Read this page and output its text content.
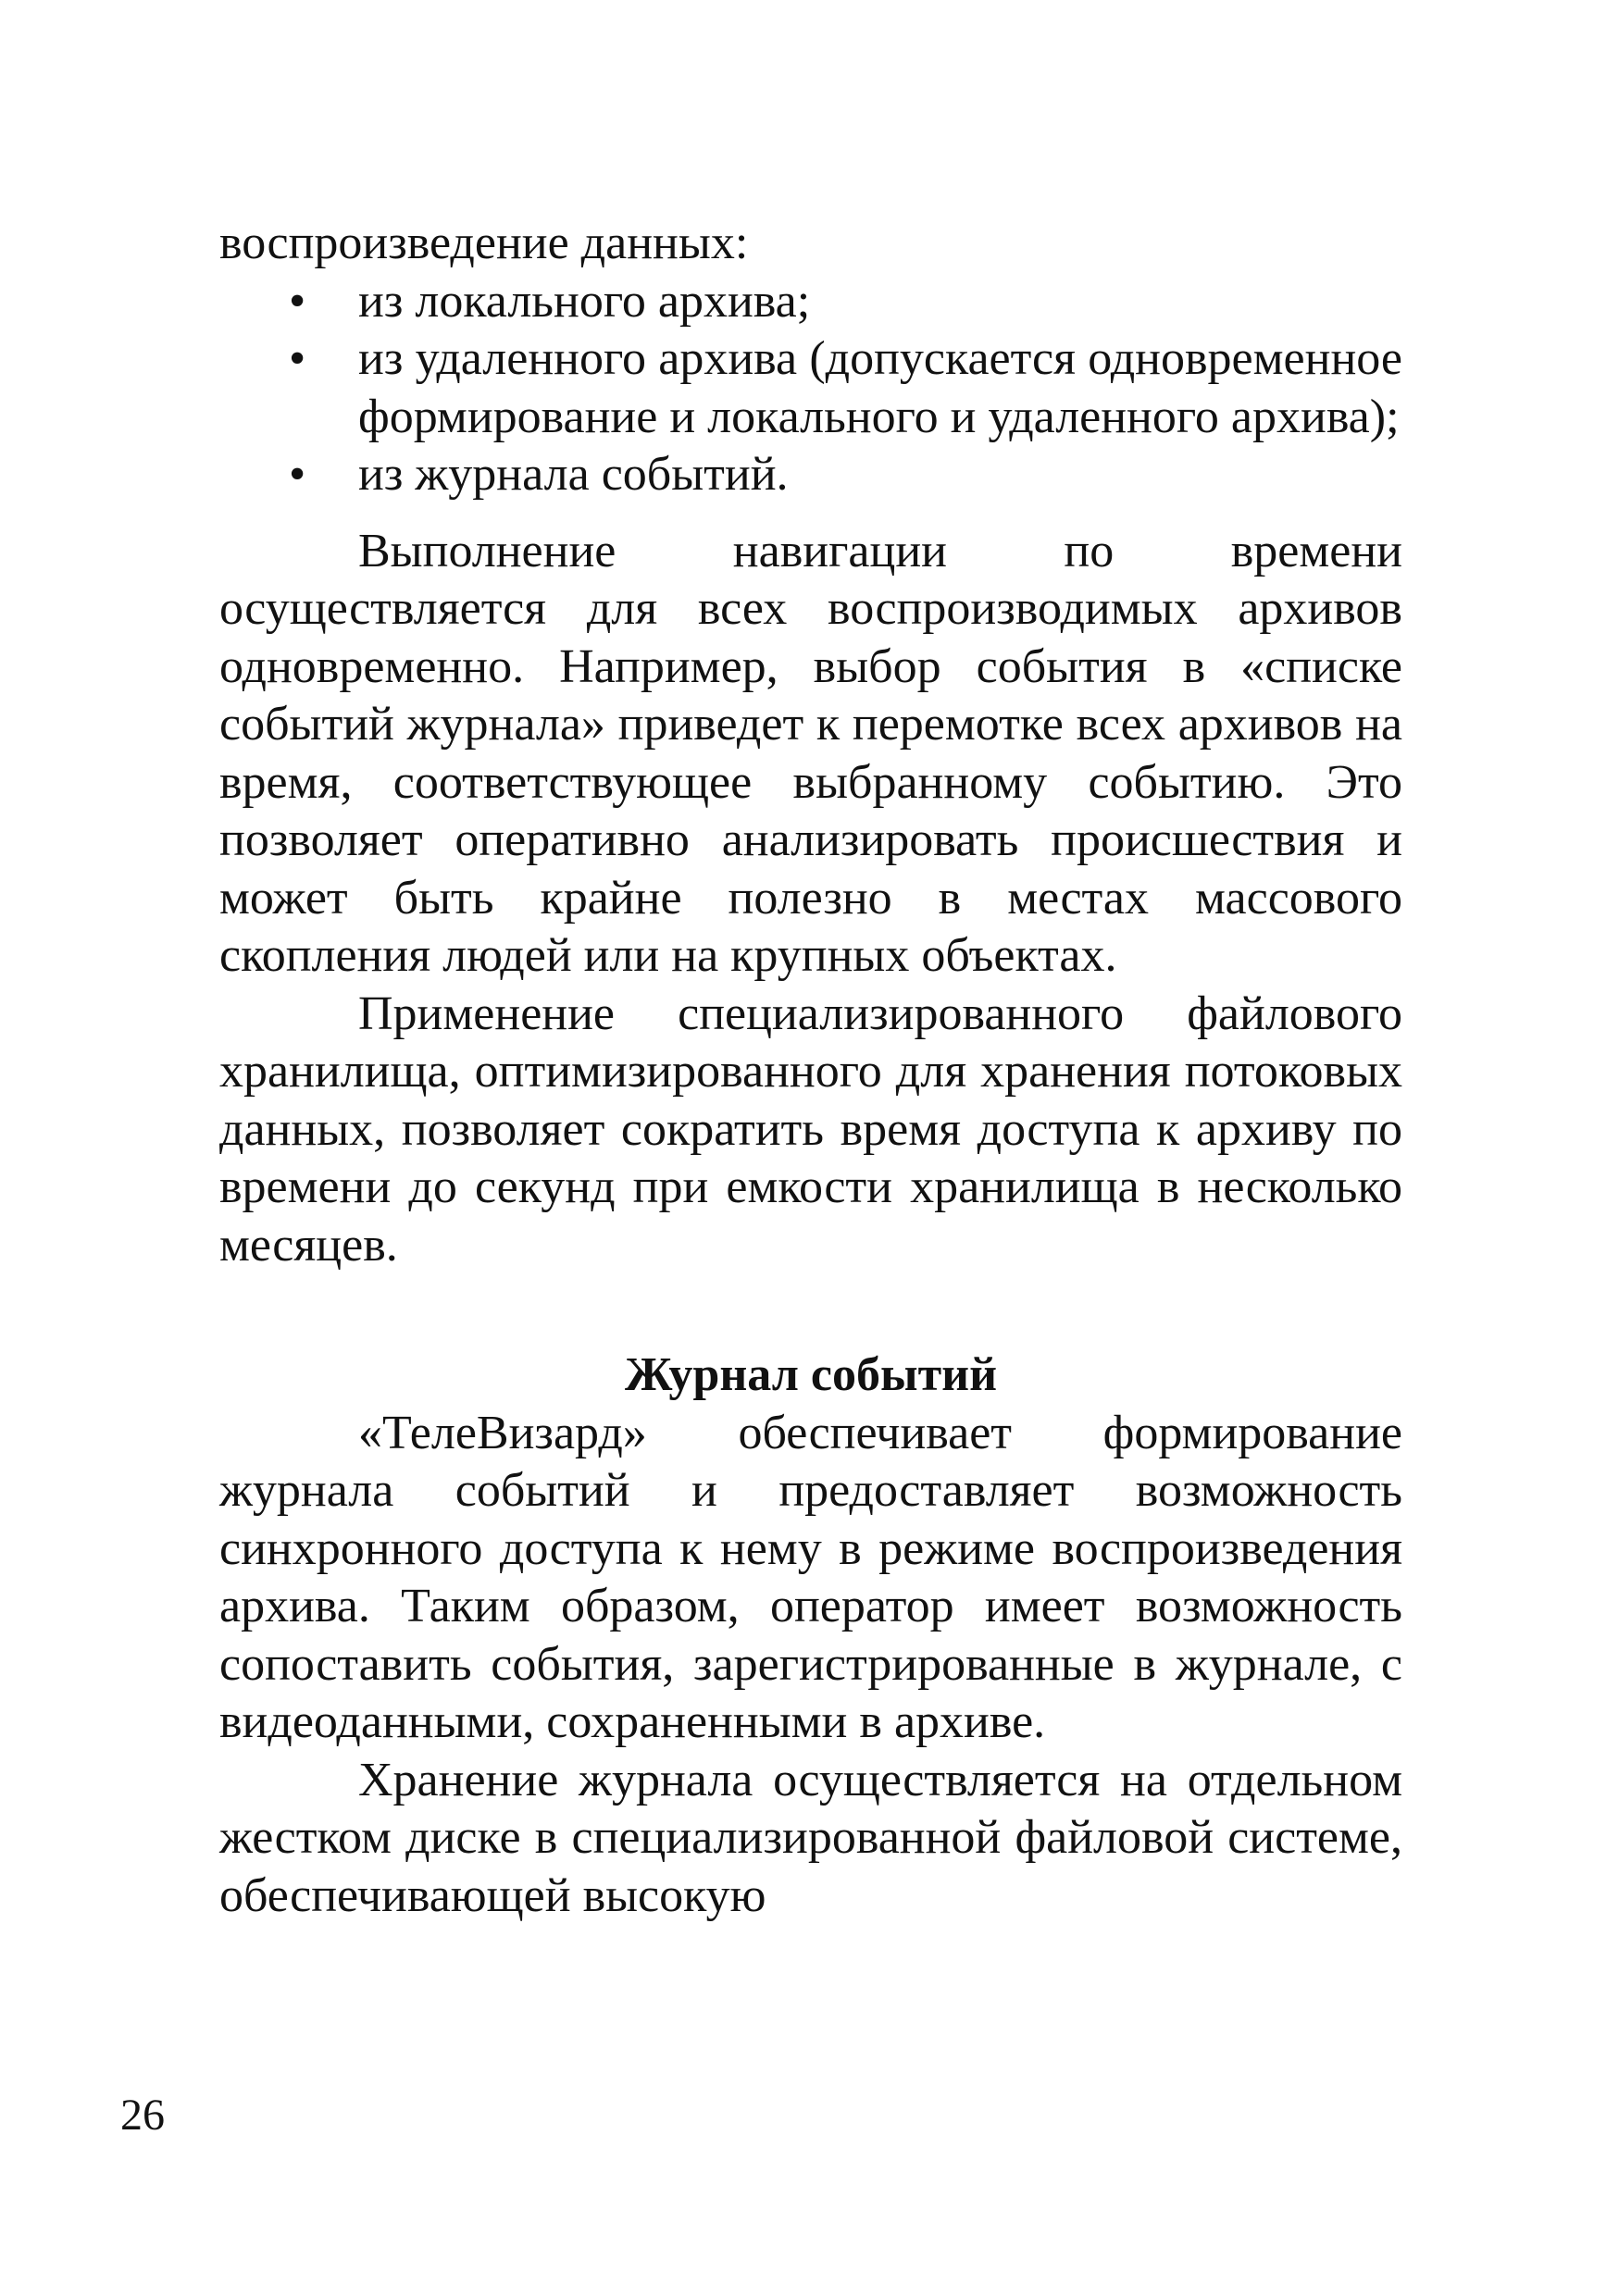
воспроизведение данных:

•	из локального архива;
•	из удаленного архива (допускается одновременное формирование и локального и удаленного архива);
•	из журнала событий.

Выполнение навигации по времени осуществляется для всех воспроизводимых архивов одновременно. Например, выбор события в «списке событий журнала» приведет к перемотке всех архивов на время, соответствующее выбранному событию. Это позволяет оперативно анализировать происшествия и может быть крайне полезно в местах массового скопления людей или на крупных объектах.

Применение специализированного файлового хранилища, оптимизированного для хранения потоковых данных, позволяет сократить время доступа к архиву по времени до секунд при емкости хранилища в несколько месяцев.

Журнал событий

«ТелеВизард» обеспечивает формирование журнала событий и предоставляет возможность синхронного доступа к нему в режиме воспроизведения архива. Таким образом, оператор имеет возможность сопоставить события, зарегистрированные в журнале, с видеоданными, сохраненными в архиве.

Хранение журнала осуществляется на отдельном жестком диске в специализированной файловой системе, обеспечивающей высокую

26
